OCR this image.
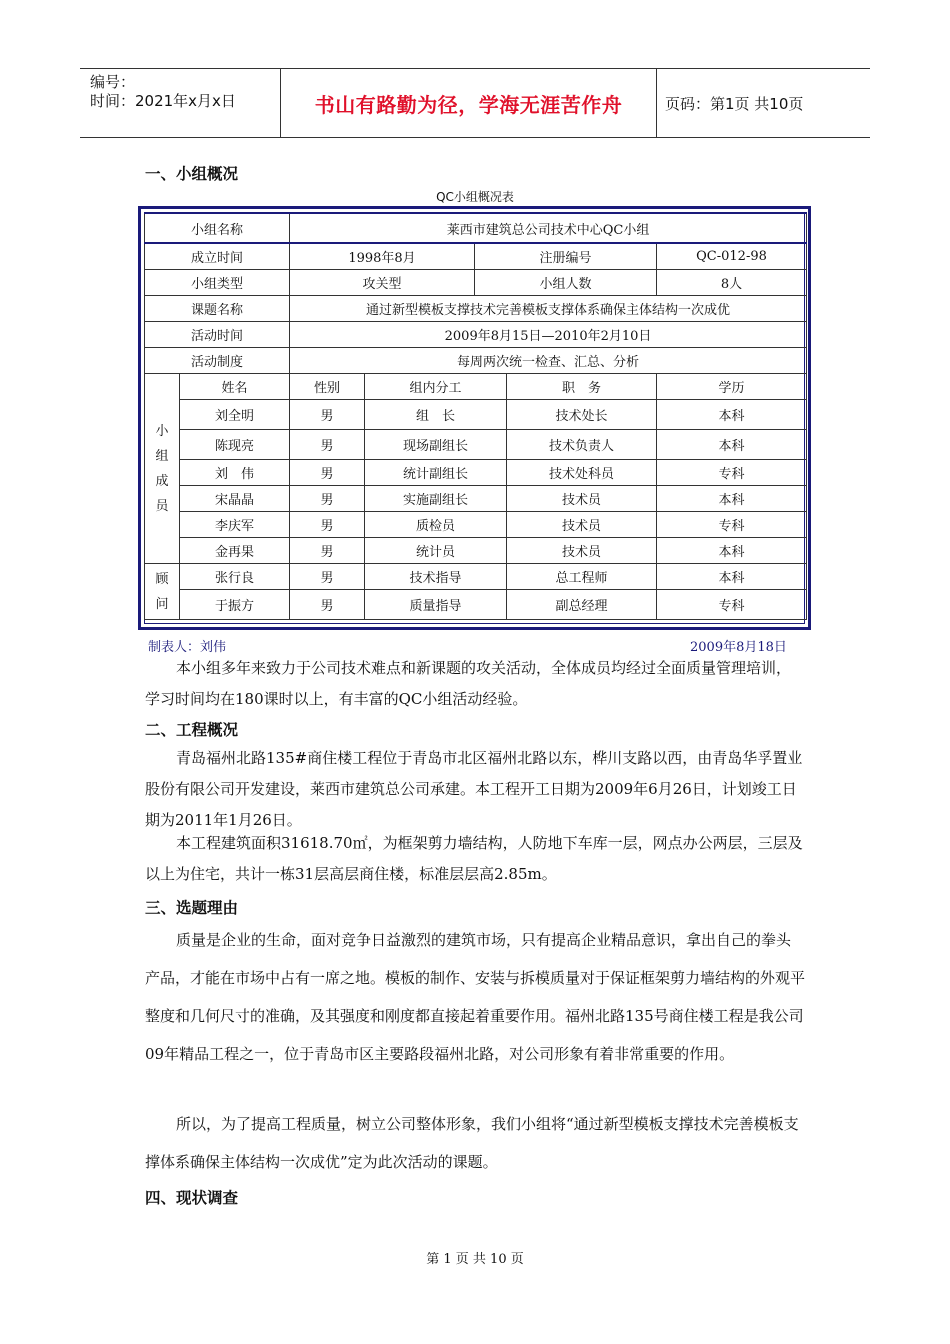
编号：
时间：2021年x月x日	书山有路勤为径，学海无涯苦作舟	页码：第1页 共10页
一、小组概况
QC小组概况表
小组名称		莱西市建筑总公司技术中心QC小组				
成立时间		1998年8月		注册编号		QC-012-98
小组类型		攻关型		小组人数		8人
课题名称		通过新型模板支撑技术完善模板支撑体系确保主体结构一次成优				
活动时间		2009年8月15日—2010年2月10日				
活动制度		每周两次统一检查、汇总、分析				

小
组
成
员	姓名	性别	组内分工		职　务	学历
	刘全明	男	组　长		技术处长	本科
	陈现亮	男	现场副组长		技术负责人	本科
	刘　伟	男	统计副组长		技术处科员	专科
	宋晶晶	男	实施副组长		技术员	本科
	李庆军	男	质检员		技术员	专科
	金再果	男	统计员		技术员	本科

顾
问	张行良	男	技术指导		总工程师	本科
	于振方	男	质量指导		副总经理	专科
制表人：刘伟	2009年8月18日
本小组多年来致力于公司技术难点和新课题的攻关活动，全体成员均经过全面质量管理培训，学习时间均在180课时以上，有丰富的QC小组活动经验。
二、工程概况
青岛福州北路135#商住楼工程位于青岛市北区福州北路以东，桦川支路以西，由青岛华孚置业股份有限公司开发建设，莱西市建筑总公司承建。本工程开工日期为2009年6月26日，计划竣工日期为2011年1月26日。
本工程建筑面积31618.70㎡，为框架剪力墙结构，人防地下车库一层，网点办公两层，三层及以上为住宅，共计一栋31层高层商住楼，标准层层高2.85m。
三、选题理由
质量是企业的生命，面对竞争日益激烈的建筑市场，只有提高企业精品意识，拿出自己的拳头产品，才能在市场中占有一席之地。模板的制作、安装与拆模质量对于保证框架剪力墙结构的外观平整度和几何尺寸的准确，及其强度和刚度都直接起着重要作用。福州北路135号商住楼工程是我公司09年精品工程之一，位于青岛市区主要路段福州北路，对公司形象有着非常重要的作用。
所以，为了提高工程质量，树立公司整体形象，我们小组将“通过新型模板支撑技术完善模板支撑体系确保主体结构一次成优”定为此次活动的课题。
四、现状调查
第 1 页 共 10 页
